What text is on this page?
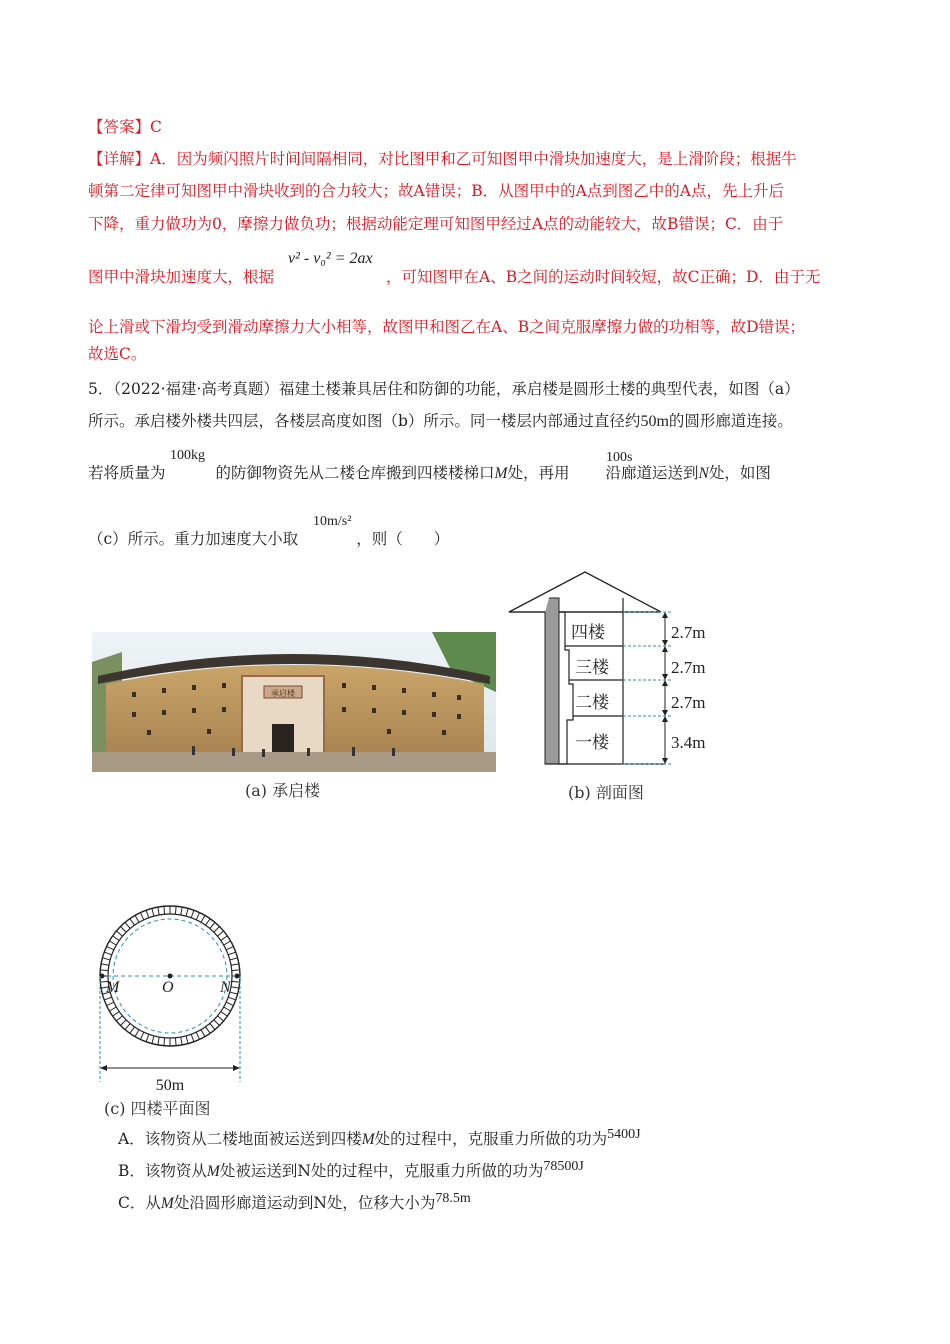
【答案】C
【详解】A．因为频闪照片时间间隔相同，对比图甲和乙可知图甲中滑块加速度大，是上滑阶段；根据牛
顿第二定律可知图甲中滑块收到的合力较大；故A错误；B．从图甲中的A点到图乙中的A点，先上升后
下降，重力做功为0，摩擦力做负功；根据动能定理可知图甲经过A点的动能较大，故B错误；C．由于
图甲中滑块加速度大，根据	，可知图甲在A、B之间的运动时间较短，故C正确；D．由于无
v² - v₀² = 2ax
论上滑或下滑均受到滑动摩擦力大小相等，故图甲和图乙在A、B之间克服摩擦力做的功相等，故D错误；
故选C。
5．（2022·福建·高考真题）福建土楼兼具居住和防御的功能，承启楼是圆形土楼的典型代表，如图（a）
所示。承启楼外楼共四层，各楼层高度如图（b）所示。同一楼层内部通过直径约50m的圆形廊道连接。
若将质量为	的防御物资先从二楼仓库搬到四楼楼梯口M处，再用 沿廊道运送到N处，如图
100kg	100s
（c）所示。重力加速度大小取	，则（　　）
10m/s²
承启楼
(a) 承启楼
四楼
三楼
二楼
一楼
2.7m
2.7m
2.7m
3.4m
(b) 剖面图
M	O	N
50m
(c) 四楼平面图
A．该物资从二楼地面被运送到四楼M处的过程中，克服重力所做的功为5400J
B．该物资从M处被运送到N处的过程中，克服重力所做的功为78500J
C．从M处沿圆形廊道运动到N处，位移大小为78.5m
